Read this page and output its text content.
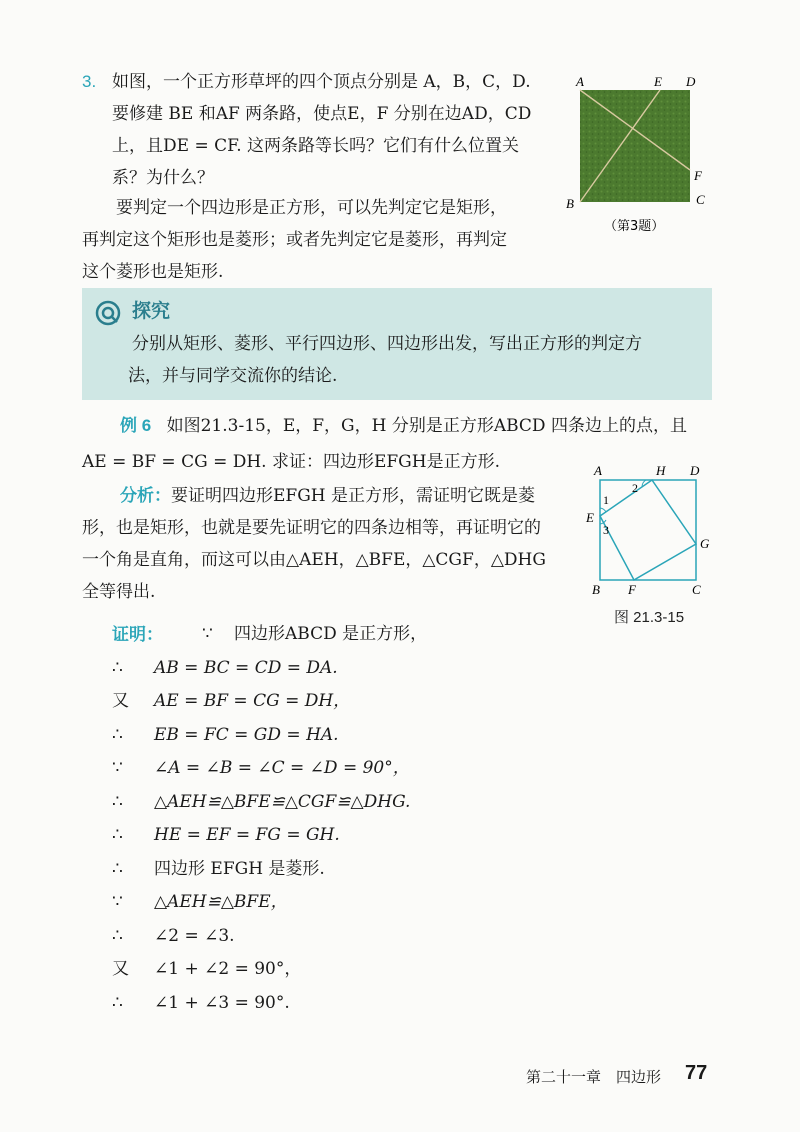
3. 如图，一个正方形草坪的四个顶点分别是 A，B，C，D.
要修建 BE 和AF 两条路，使点E，F 分别在边AD，CD
上，且DE = CF. 这两条路等长吗？它们有什么位置关
系？为什么？
A	E D
F
B	C
（第3题）
要判定一个四边形是正方形，可以先判定它是矩形，
再判定这个矩形也是菱形；或者先判定它是菱形，再判定
这个菱形也是矩形.
探究
分别从矩形、菱形、平行四边形、四边形出发，写出正方形的判定方
法，并与同学交流你的结论.
例 6 如图21.3-15，E，F，G，H 分别是正方形ABCD 四条边上的点，且
AE = BF = CG = DH. 求证：四边形EFGH是正方形.
分析：要证明四边形EFGH 是正方形，需证明它既是菱
形，也是矩形，也就是要先证明它的四条边相等，再证明它的
一个角是直角，而这可以由△AEH，△BFE，△CGF，△DHG
全等得出.
A	H D
E
G
B F	C
1
2
3
图 21.3-15
证明：	∵	四边形ABCD 是正方形，
∴	AB = BC = CD = DA.
又	AE = BF = CG = DH，
∴	EB = FC = GD = HA.
∵	∠A = ∠B = ∠C = ∠D = 90°，
∴	△AEH≌△BFE≌△CGF≌△DHG.
∴	HE = EF = FG = GH.
∴	四边形 EFGH 是菱形.
∵	△AEH≌△BFE，
∴	∠2 = ∠3.
又	∠1 + ∠2 = 90°，
∴	∠1 + ∠3 = 90°.
第二十一章　四边形 77
